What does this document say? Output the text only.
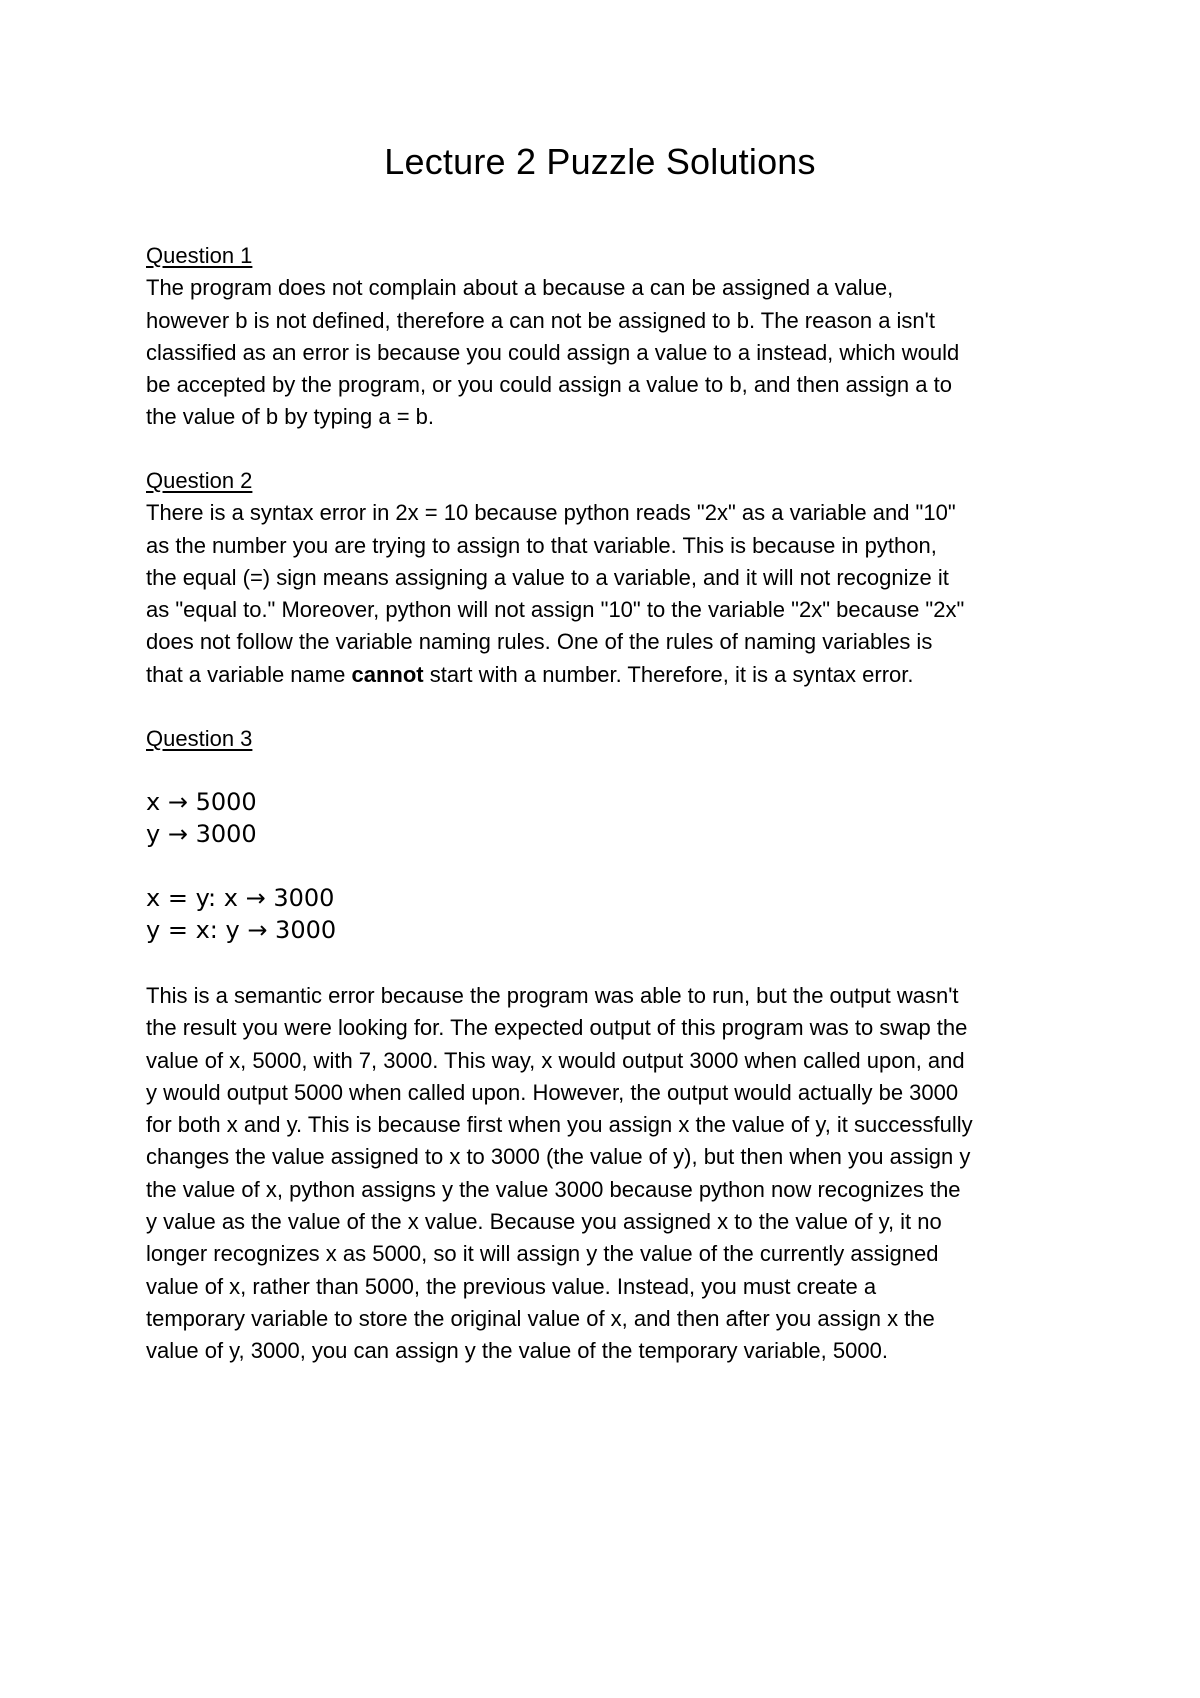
Lecture 2 Puzzle Solutions
Question 1
The program does not complain about a because a can be assigned a value,
however b is not defined, therefore a can not be assigned to b. The reason a isn't
classified as an error is because you could assign a value to a instead, which would
be accepted by the program, or you could assign a value to b, and then assign a to
the value of b by typing a = b.
Question 2
There is a syntax error in 2x = 10 because python reads "2x" as a variable and "10"
as the number you are trying to assign to that variable. This is because in python,
the equal (=) sign means assigning a value to a variable, and it will not recognize it
as "equal to." Moreover, python will not assign "10" to the variable "2x" because "2x"
does not follow the variable naming rules. One of the rules of naming variables is
that a variable name cannot start with a number. Therefore, it is a syntax error.
Question 3
x → 5000
y → 3000
x = y: x → 3000
y = x: y → 3000
This is a semantic error because the program was able to run, but the output wasn't
the result you were looking for. The expected output of this program was to swap the
value of x, 5000, with 7, 3000. This way, x would output 3000 when called upon, and
y would output 5000 when called upon. However, the output would actually be 3000
for both x and y. This is because first when you assign x the value of y, it successfully
changes the value assigned to x to 3000 (the value of y), but then when you assign y
the value of x, python assigns y the value 3000 because python now recognizes the
y value as the value of the x value. Because you assigned x to the value of y, it no
longer recognizes x as 5000, so it will assign y the value of the currently assigned
value of x, rather than 5000, the previous value. Instead, you must create a
temporary variable to store the original value of x, and then after you assign x the
value of y, 3000, you can assign y the value of the temporary variable, 5000.
